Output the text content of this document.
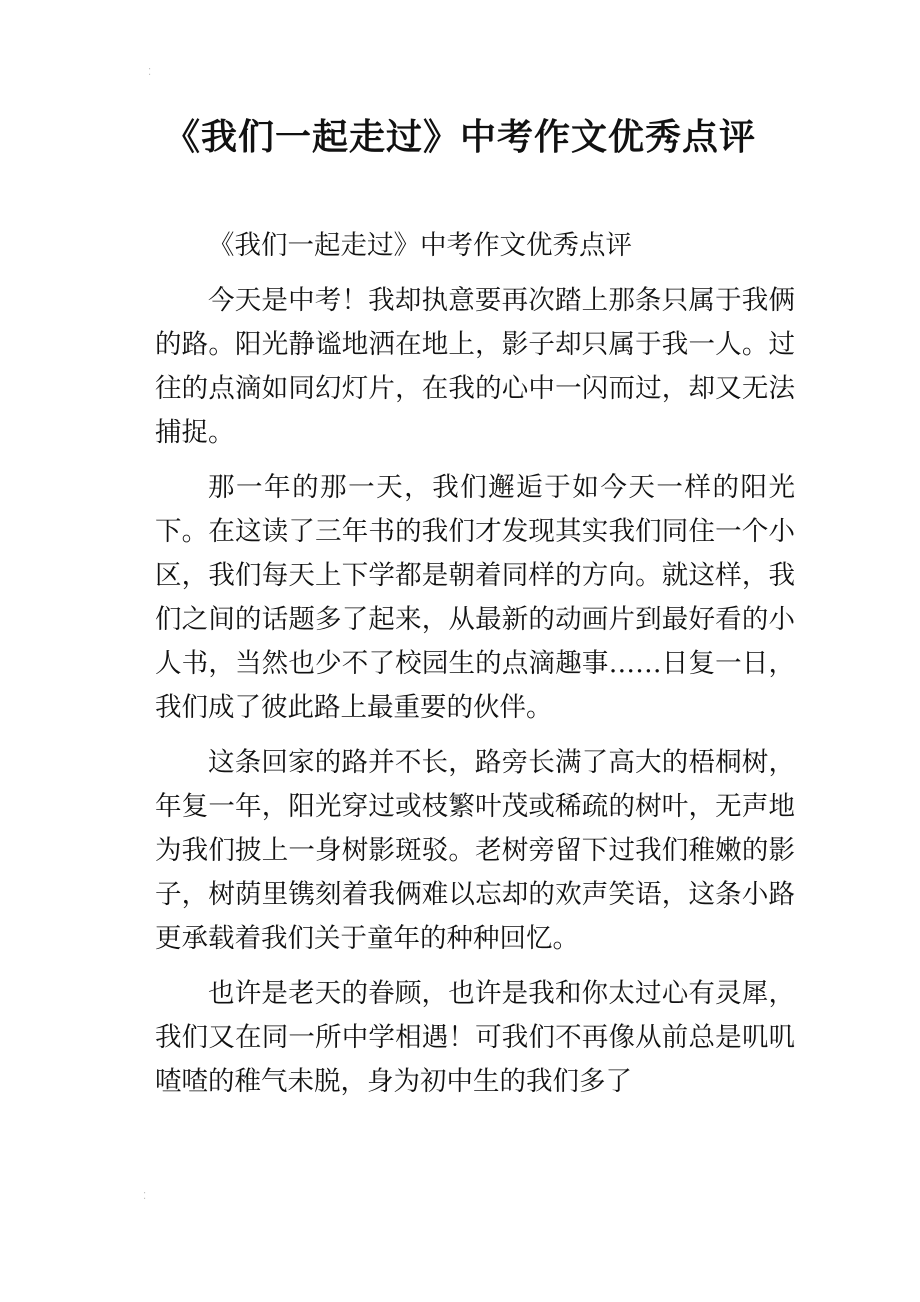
⁚
《我们一起走过》中考作文优秀点评

《我们一起走过》中考作文优秀点评

今天是中考！我却执意要再次踏上那条只属于我俩的路。阳光静谧地洒在地上，影子却只属于我一人。过往的点滴如同幻灯片，在我的心中一闪而过，却又无法捕捉。

那一年的那一天，我们邂逅于如今天一样的阳光下。在这读了三年书的我们才发现其实我们同住一个小区，我们每天上下学都是朝着同样的方向。就这样，我们之间的话题多了起来，从最新的动画片到最好看的小人书，当然也少不了校园生的点滴趣事……日复一日，我们成了彼此路上最重要的伙伴。

这条回家的路并不长，路旁长满了高大的梧桐树，年复一年，阳光穿过或枝繁叶茂或稀疏的树叶，无声地为我们披上一身树影斑驳。老树旁留下过我们稚嫩的影子，树荫里镌刻着我俩难以忘却的欢声笑语，这条小路更承载着我们关于童年的种种回忆。

也许是老天的眷顾，也许是我和你太过心有灵犀，我们又在同一所中学相遇！可我们不再像从前总是叽叽喳喳的稚气未脱，身为初中生的我们多了

⁚
